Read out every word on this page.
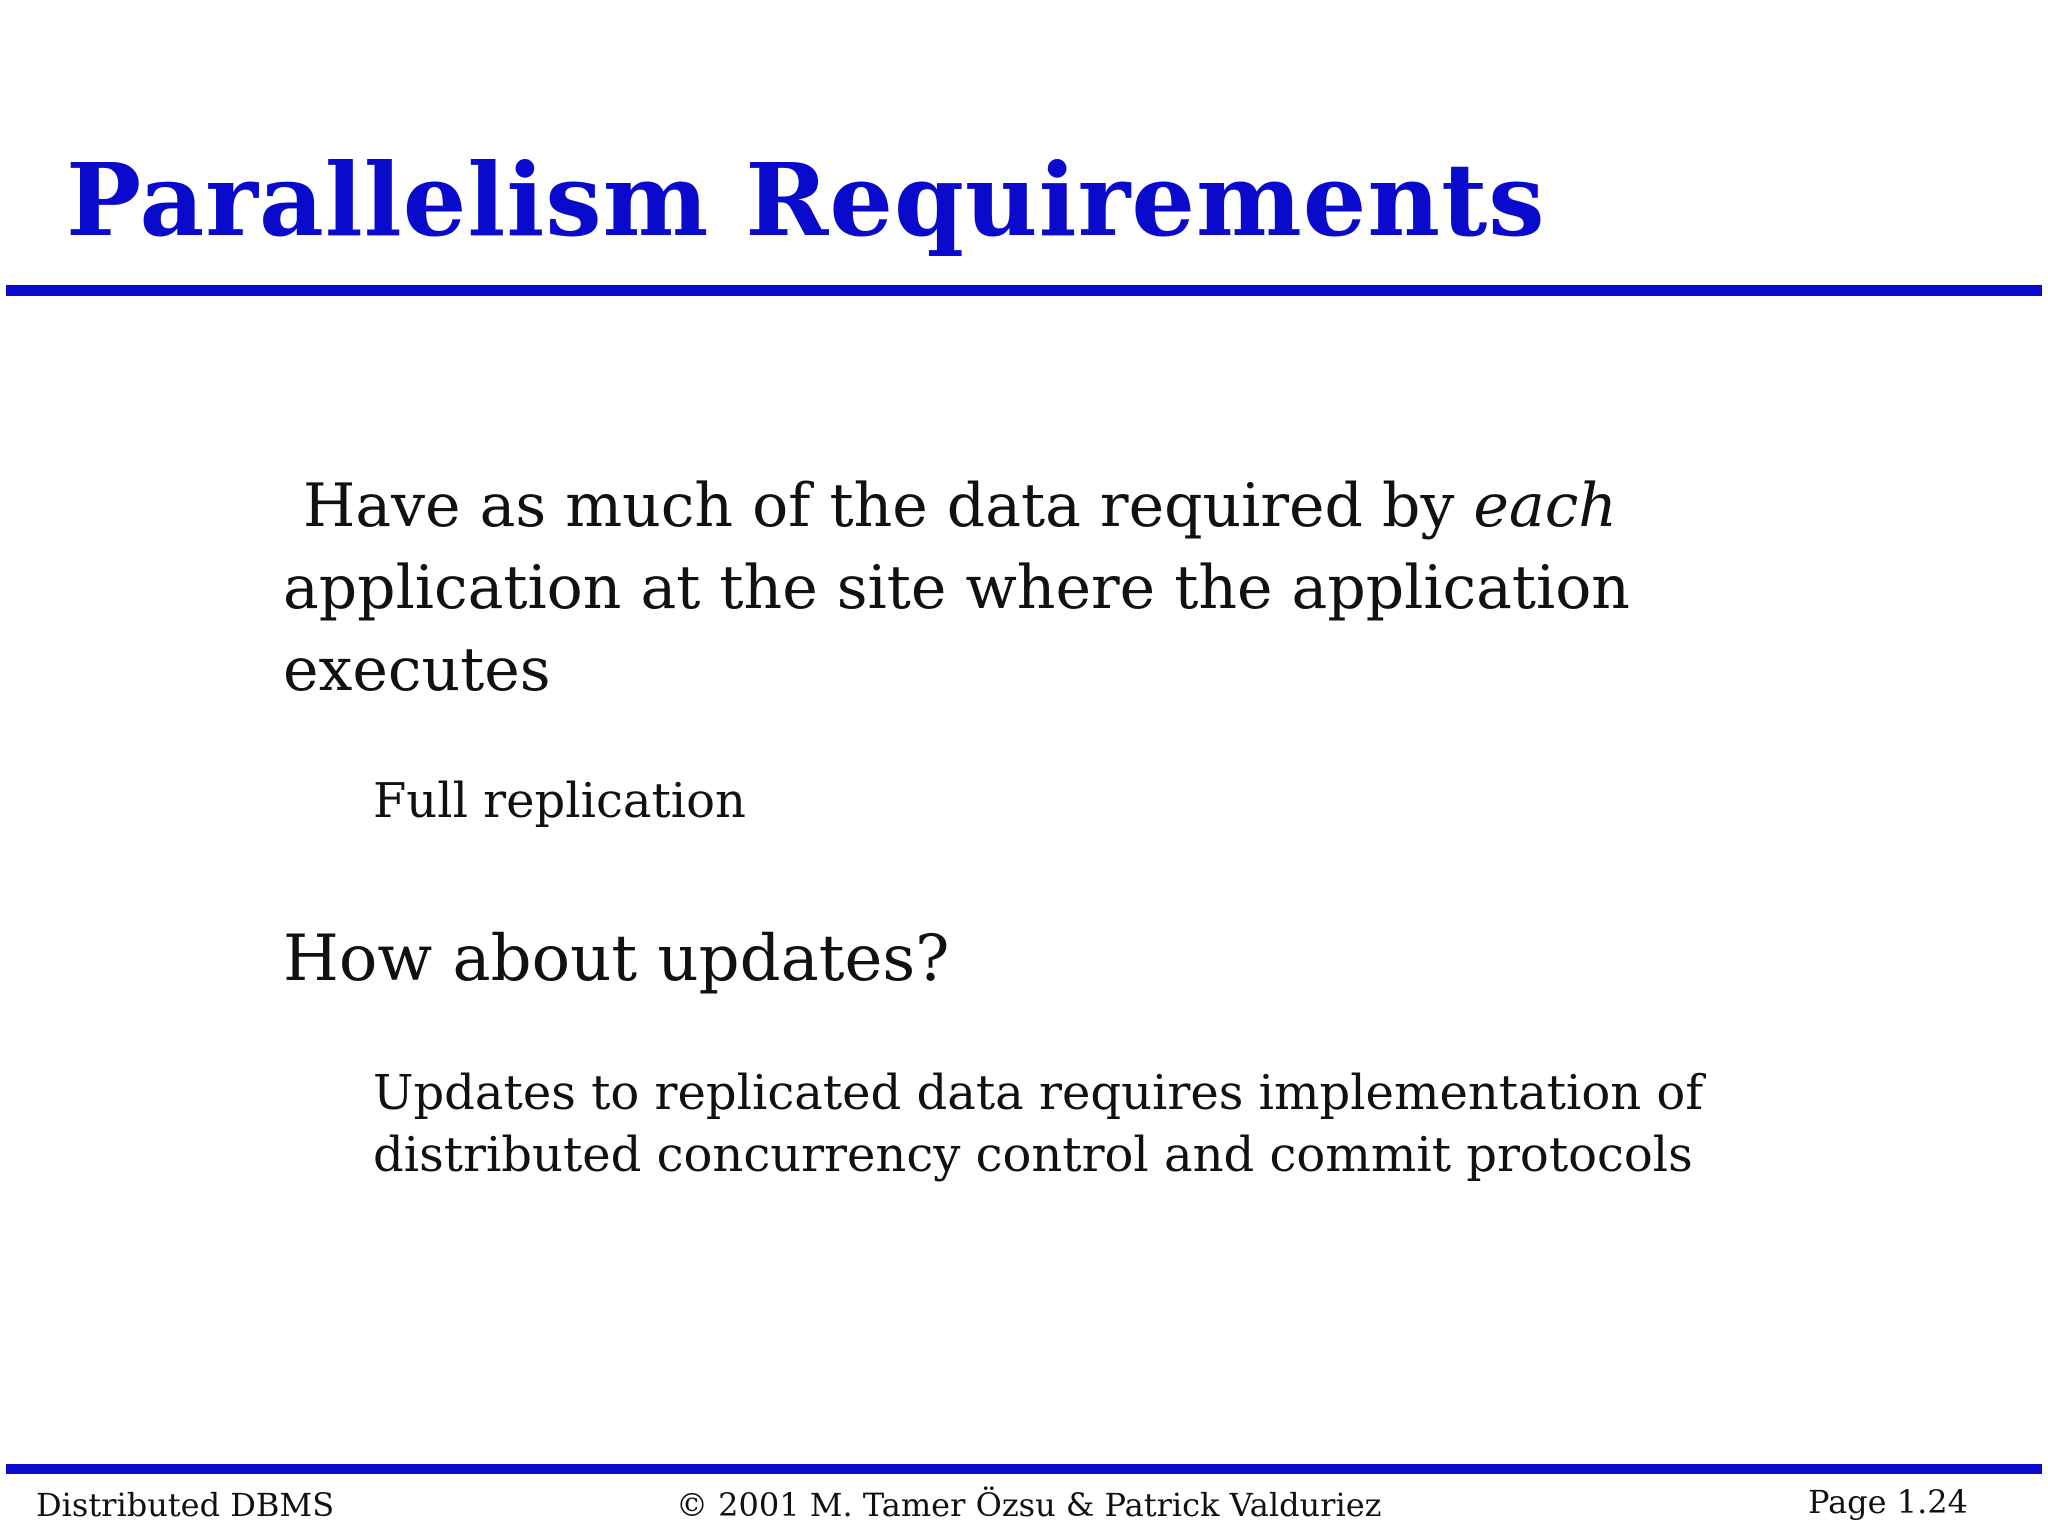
Parallelism Requirements
Have as much of the data required by each application at the site where the application executes
Full replication
How about updates?
Updates to replicated data requires implementation of distributed concurrency control and commit protocols
Distributed DBMS	© 2001 M. Tamer Özsu & Patrick Valduriez	Page 1.24
